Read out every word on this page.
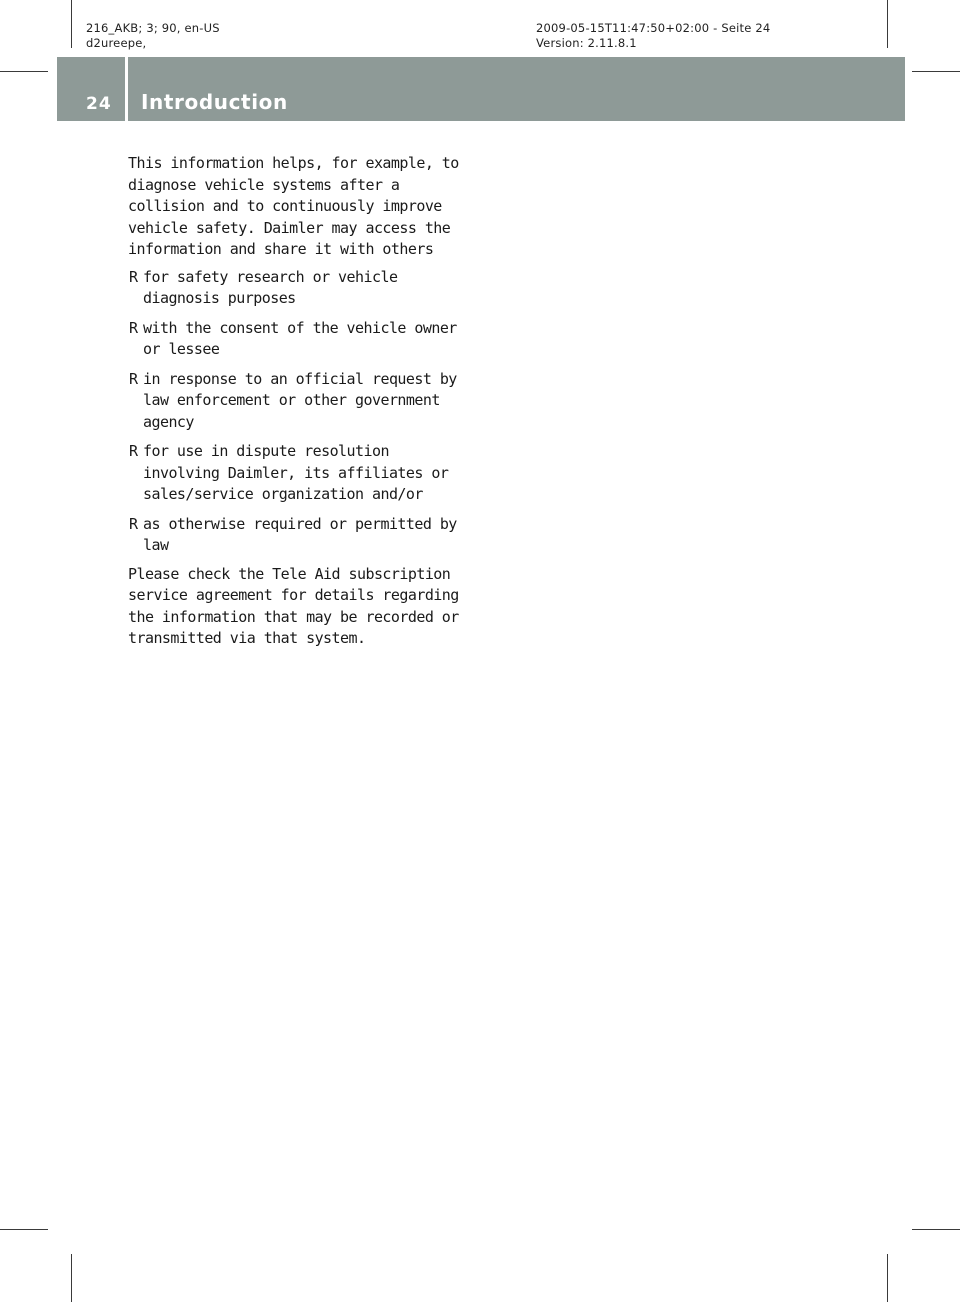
216_AKB; 3; 90, en-US
d2ureepe,
2009-05-15T11:47:50+02:00 - Seite 24
Version: 2.11.8.1
24 Introduction

This information helps, for example, to diagnose vehicle systems after a collision and to continuously improve vehicle safety. Daimler may access the information and share it with others

R for safety research or vehicle diagnosis purposes
R with the consent of the vehicle owner or lessee
R in response to an official request by law enforcement or other government agency
R for use in dispute resolution involving Daimler, its affiliates or sales/service organization and/or
R as otherwise required or permitted by law

Please check the Tele Aid subscription service agreement for details regarding the information that may be recorded or transmitted via that system.
